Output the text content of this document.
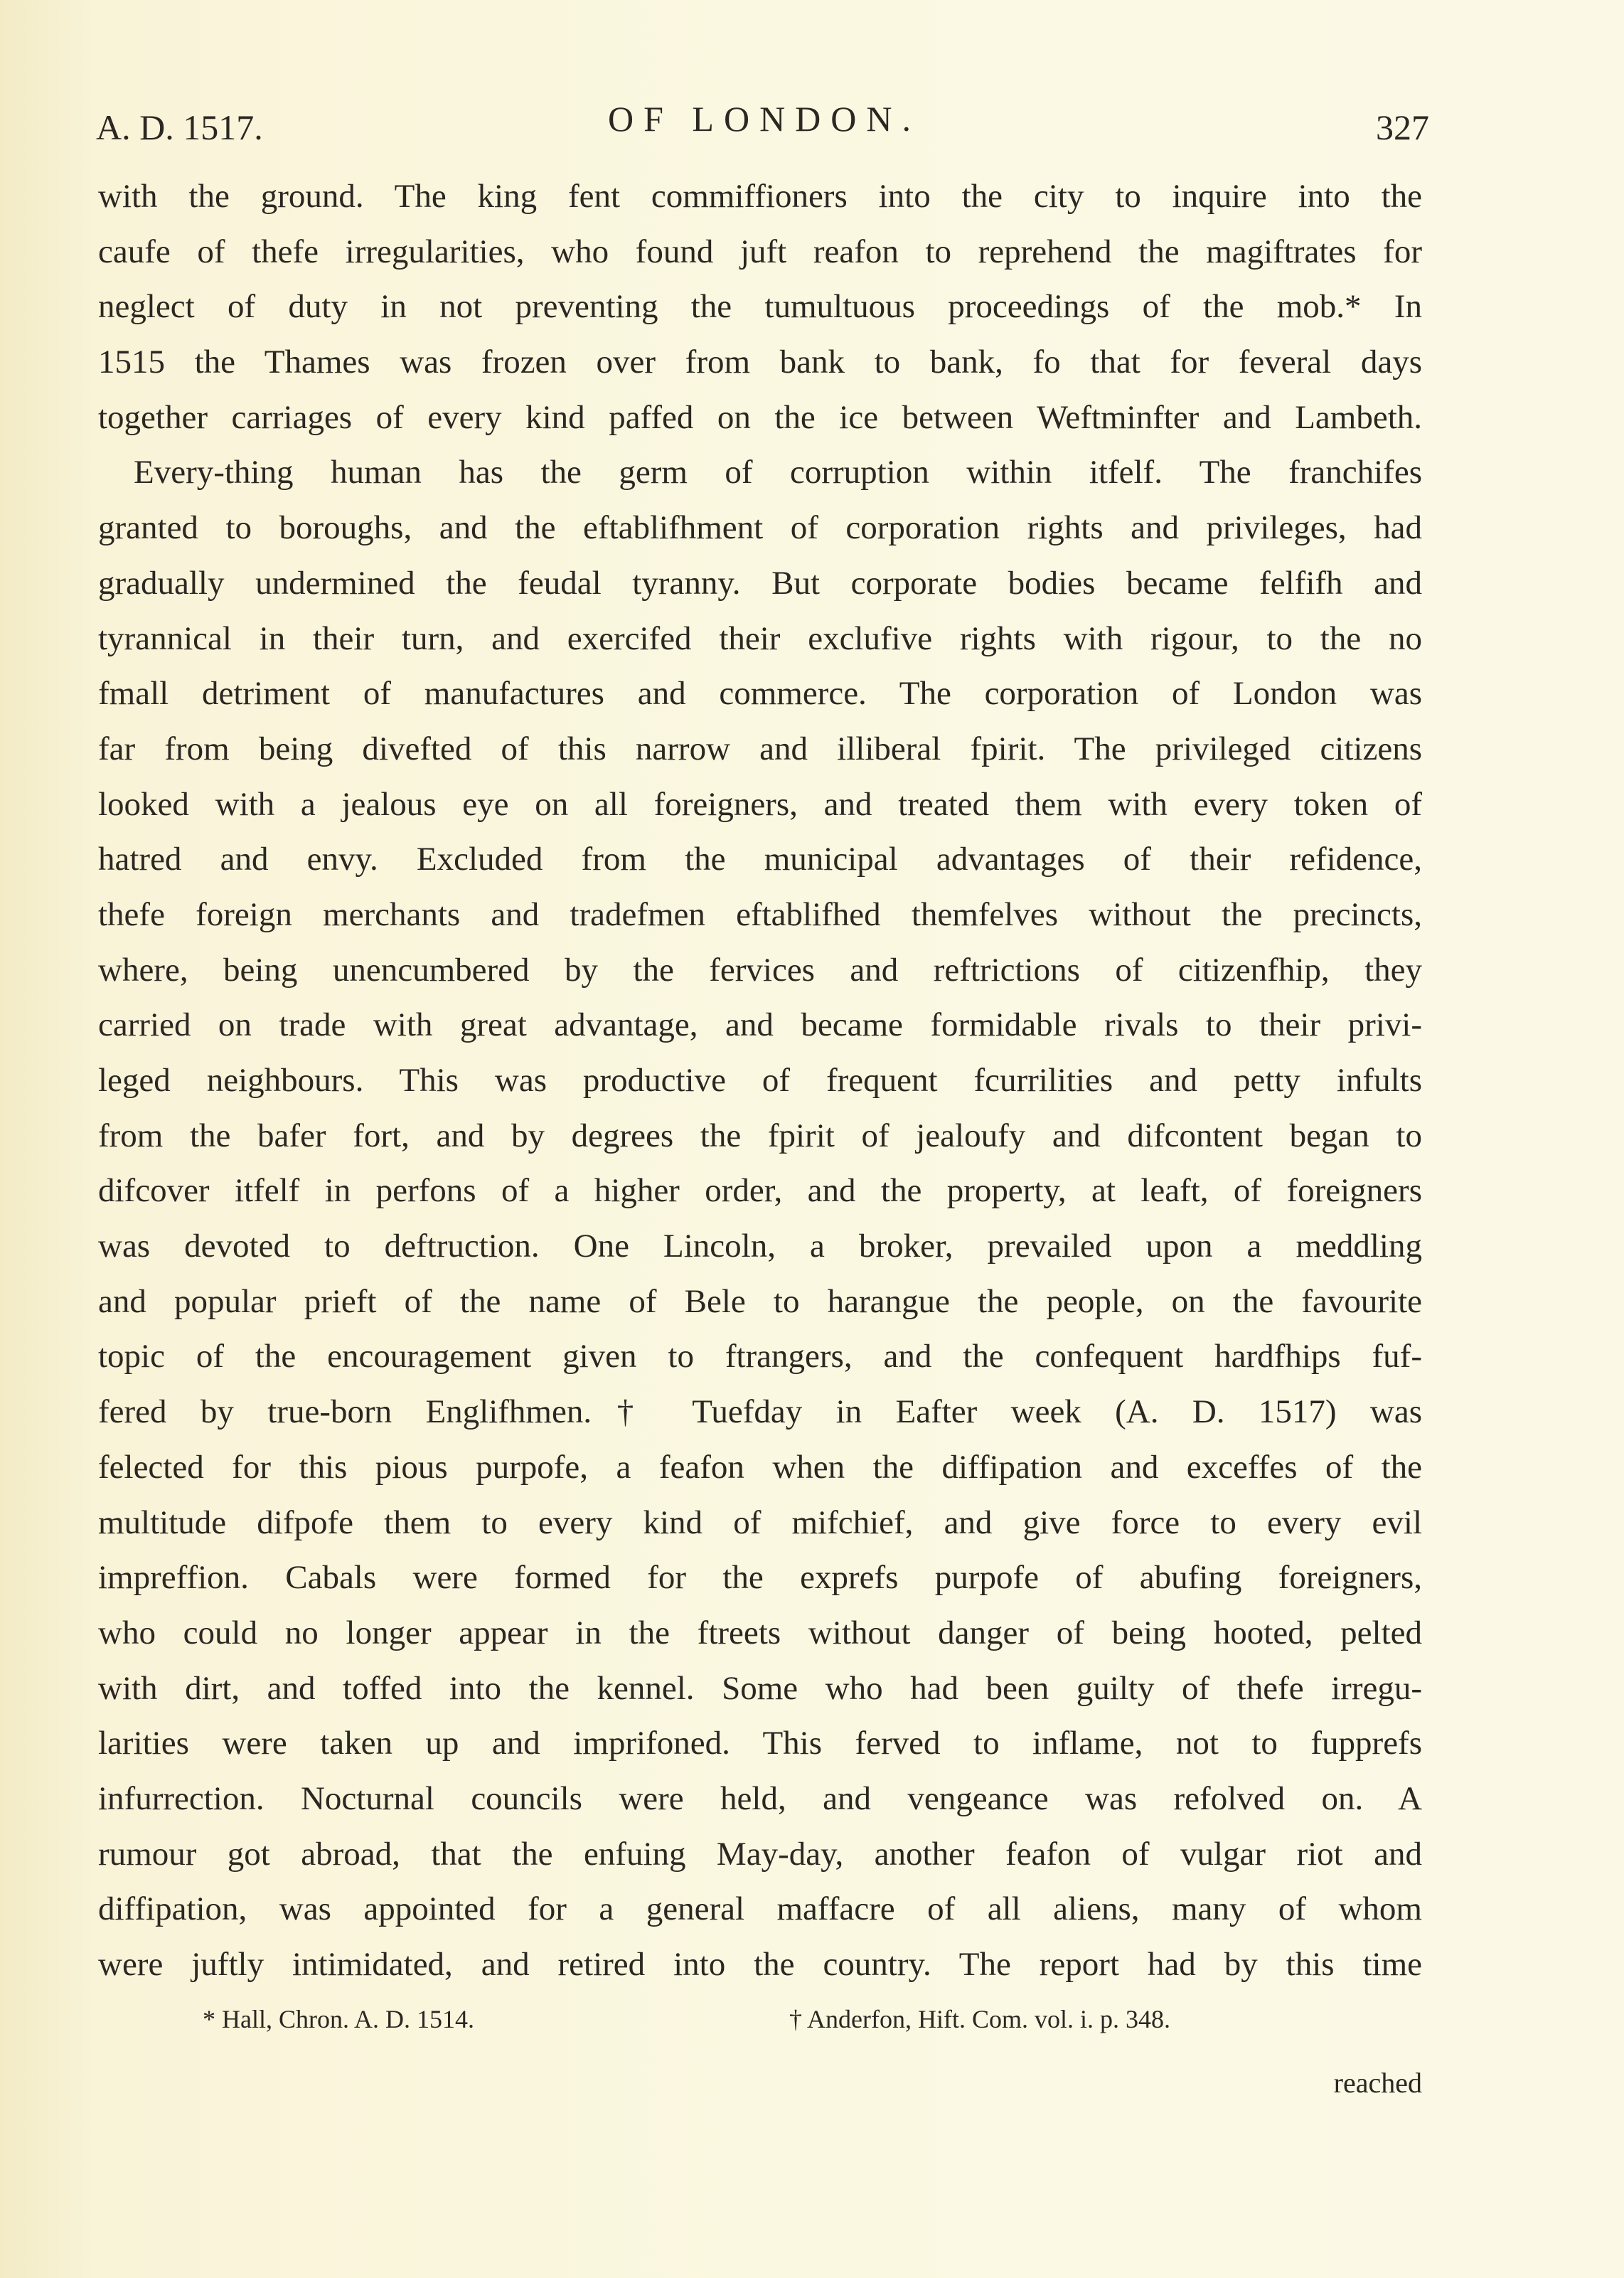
A. D. 1517.	OF LONDON.	327
with the ground. The king fent commiffioners into the city to inquire into the
caufe of thefe irregularities, who found juft reafon to reprehend the magiftrates for
neglect of duty in not preventing the tumultuous proceedings of the mob.* In
1515 the Thames was frozen over from bank to bank, fo that for feveral days
together carriages of every kind paffed on the ice between Weftminfter and Lambeth.
Every-thing human has the germ of corruption within itfelf. The franchifes
granted to boroughs, and the eftablifhment of corporation rights and privileges, had
gradually undermined the feudal tyranny. But corporate bodies became felfifh and
tyrannical in their turn, and exercifed their exclufive rights with rigour, to the no
fmall detriment of manufactures and commerce. The corporation of London was
far from being divefted of this narrow and illiberal fpirit. The privileged citizens
looked with a jealous eye on all foreigners, and treated them with every token of
hatred and envy. Excluded from the municipal advantages of their refidence,
thefe foreign merchants and tradefmen eftablifhed themfelves without the precincts,
where, being unencumbered by the fervices and reftrictions of citizenfhip, they
carried on trade with great advantage, and became formidable rivals to their privi-
leged neighbours. This was productive of frequent fcurrilities and petty infults
from the bafer fort, and by degrees the fpirit of jealoufy and difcontent began to
difcover itfelf in perfons of a higher order, and the property, at leaft, of foreigners
was devoted to deftruction. One Lincoln, a broker, prevailed upon a meddling
and popular prieft of the name of Bele to harangue the people, on the favourite
topic of the encouragement given to ftrangers, and the confequent hardfhips fuf-
fered by true-born Englifhmen.† Tuefday in Eafter week (A. D. 1517) was
felected for this pious purpofe, a feafon when the diffipation and exceffes of the
multitude difpofe them to every kind of mifchief, and give force to every evil
impreffion. Cabals were formed for the exprefs purpofe of abufing foreigners,
who could no longer appear in the ftreets without danger of being hooted, pelted
with dirt, and toffed into the kennel. Some who had been guilty of thefe irregu-
larities were taken up and imprifoned. This ferved to inflame, not to fupprefs
infurrection. Nocturnal councils were held, and vengeance was refolved on. A
rumour got abroad, that the enfuing May-day, another feafon of vulgar riot and
diffipation, was appointed for a general maffacre of all aliens, many of whom
were juftly intimidated, and retired into the country. The report had by this time
* Hall, Chron. A. D. 1514.	† Anderfon, Hift. Com. vol. i. p. 348.
reached
